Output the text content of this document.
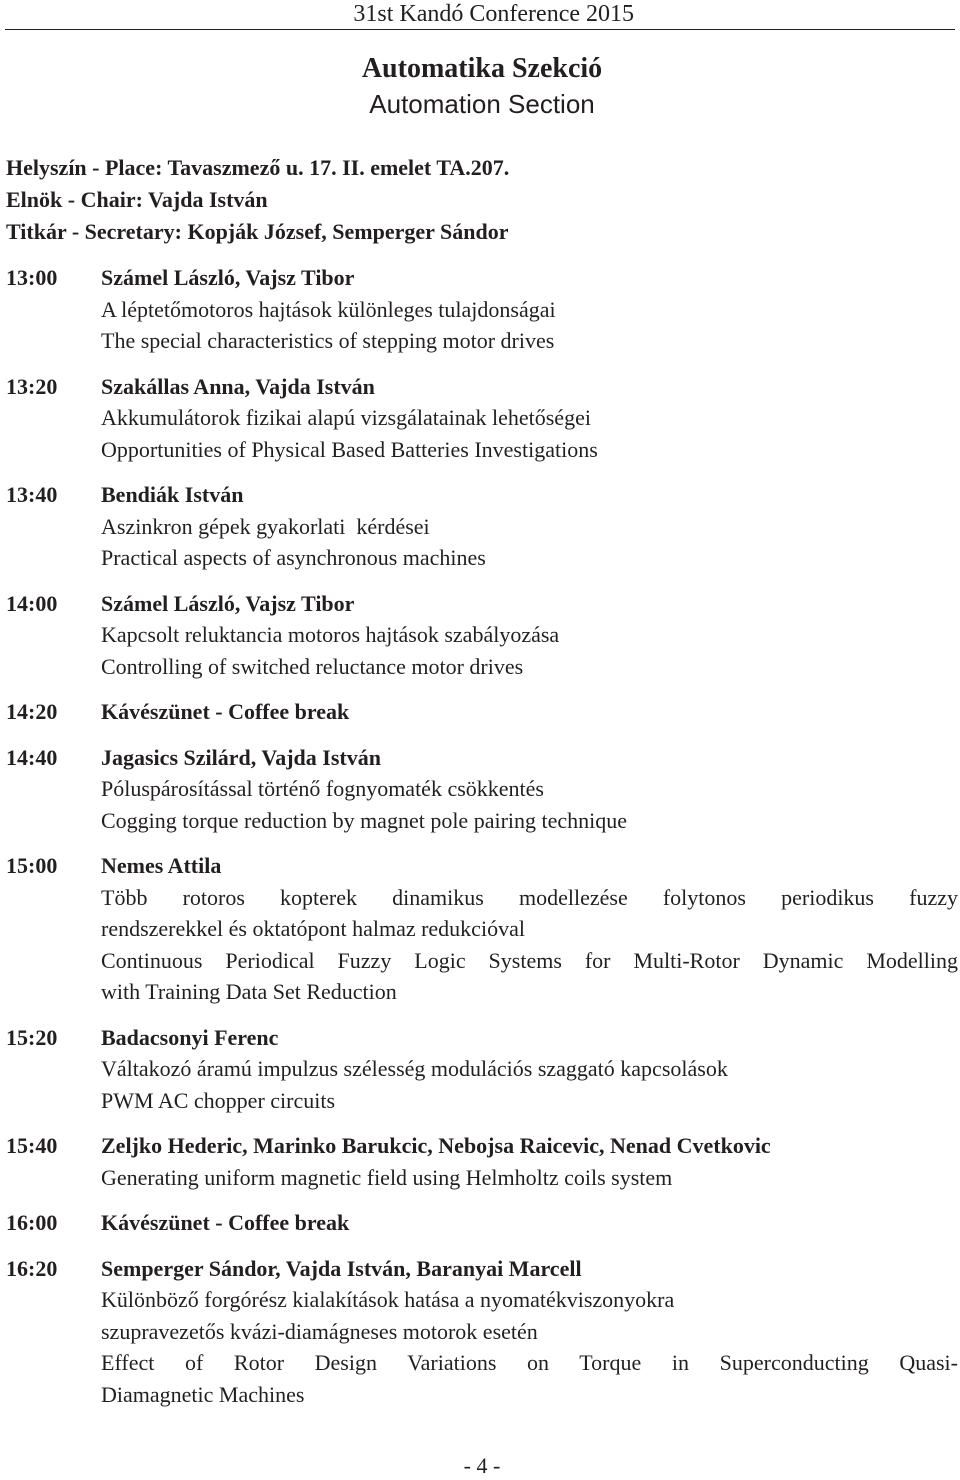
31st Kandó Conference 2015
Automatika Szekció
Automation Section
Helyszín - Place: Tavaszmező u. 17. II. emelet TA.207.
Elnök - Chair: Vajda István
Titkár - Secretary: Kopják József, Semperger Sándor
13:00	Számel László, Vajsz Tibor
A léptetőmotoros hajtások különleges tulajdonságai
The special characteristics of stepping motor drives
13:20	Szakállas Anna, Vajda István
Akkumulátorok fizikai alapú vizsgálatainak lehetőségei
Opportunities of Physical Based Batteries Investigations
13:40	Bendiák István
Aszinkron gépek gyakorlati  kérdései
Practical aspects of asynchronous machines
14:00	Számel László, Vajsz Tibor
Kapcsolt reluktancia motoros hajtások szabályozása
Controlling of switched reluctance motor drives
14:20	Kávészünet - Coffee break
14:40	Jagasics Szilárd, Vajda István
Póluspárosítással történő fognyomaték csökkentés
Cogging torque reduction by magnet pole pairing technique
15:00	Nemes Attila
Több rotoros kopterek dinamikus modellezése folytonos periodikus fuzzy
rendszerekkel és oktatópont halmaz redukcióval
Continuous Periodical Fuzzy Logic Systems for Multi-Rotor Dynamic Modelling
with Training Data Set Reduction
15:20	Badacsonyi Ferenc
Váltakozó áramú impulzus szélesség modulációs szaggató kapcsolások
PWM AC chopper circuits
15:40	Zeljko Hederic, Marinko Barukcic, Nebojsa Raicevic, Nenad Cvetkovic
Generating uniform magnetic field using Helmholtz coils system
16:00	Kávészünet - Coffee break
16:20	Semperger Sándor, Vajda István, Baranyai Marcell
Különböző forgórész kialakítások hatása a nyomatékviszonyokra
szupravezetős kvázi-diamágneses motorok esetén
Effect of Rotor Design Variations on Torque in Superconducting Quasi-
Diamagnetic Machines
- 4 -
